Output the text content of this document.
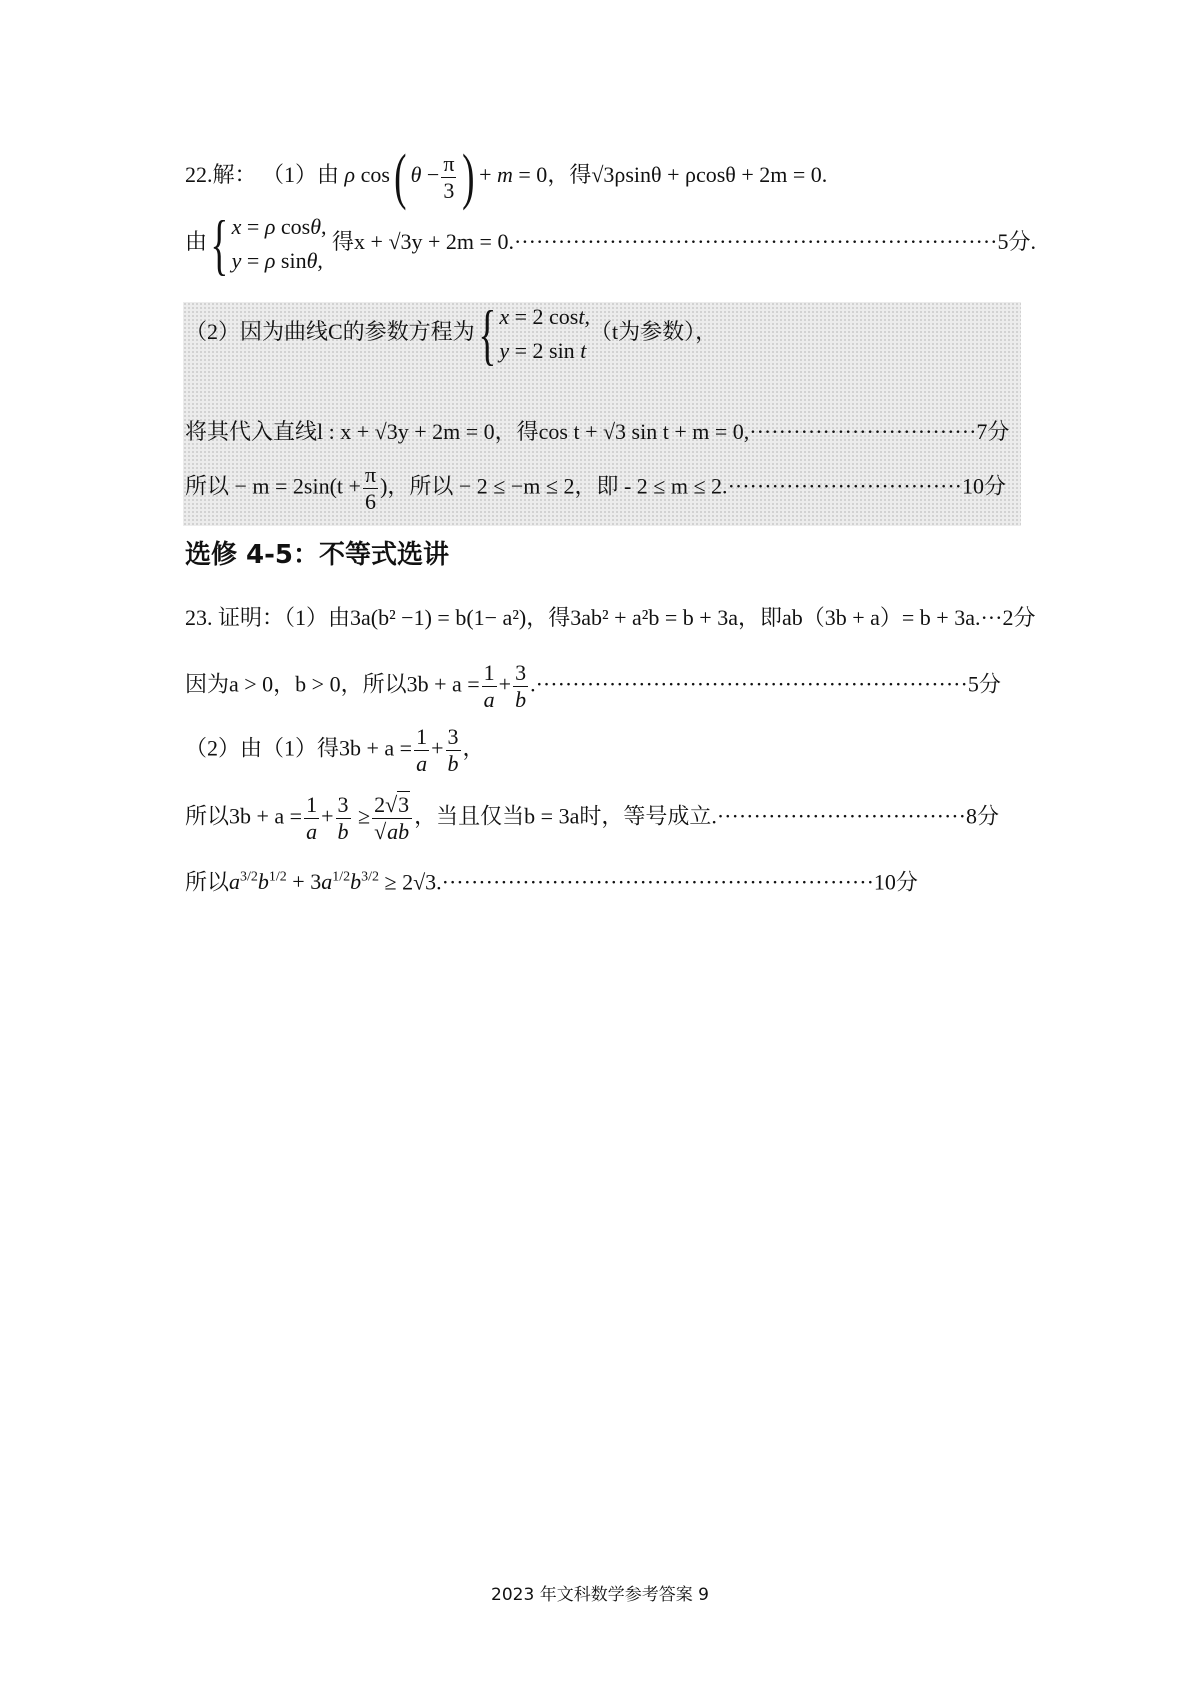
22.解： （1）由 ρ cos( $\theta - \frac{\pi}{3}$ ) + m = 0，得√3ρsinθ + ρcosθ + 2m = 0.
由{ x = ρ cosθ,
y = ρ sinθ,
得x + √3y + 2m = 0.··································································5分.
（2）因为曲线C的参数方程为{ x = 2 cost,
y = 2 sin t
（t为参数），
将其代入直线l : x + √3y + 2m = 0，得cos t + √3 sin t + m = 0,·······························7分
所以 − $m = 2\sin(t + \frac{\pi}{6}$ )，所以 − 2 ≤ −m ≤ 2，即 - 2 ≤ m ≤ 2.································10分
选修 4-5：不等式选讲
23. 证明：（1）由3a(b² −1) = b(1− a²)，得3ab² + a²b = b + 3a，即ab（3b + a）= b + 3a.···2分
因为a > 0，b > 0，所以$3b + a = \frac{1}{a} + \frac{3}{b} .\cdot\cdot\cdot\cdot\cdot\cdot\cdot\cdot\cdot\cdot\cdot\cdot\cdot\cdot\cdot\cdot\cdot\cdot\cdot\cdot\cdot\cdot\cdot\cdot\cdot\cdot\cdot\cdot\cdot\cdot\cdot\cdot\cdot\cdot\cdot\cdot\cdot\cdot\cdot\cdot\cdot\cdot\cdot\cdot\cdot\cdot\cdot\cdot\cdot\cdot\cdot\cdot\cdot\cdot\cdot\cdot\cdot\cdot\cdot 5$分
（2）由（1）得$3b + a = \frac{1}{a} + \frac{3}{b}$ ，
所以$3b + a = \frac{1}{a} + \frac{3}{b} \ge \frac{2√3}{√ab}$ ，当且仅当b = 3a时，等号成立.··································8分
所以$a^{3/2}b^{1/2} + 3a^{1/2}b^{3/2} \ge 2√3.\cdot\cdot\cdot\cdot\cdot\cdot\cdot\cdot\cdot\cdot\cdot\cdot\cdot\cdot\cdot\cdot\cdot\cdot\cdot\cdot\cdot\cdot\cdot\cdot\cdot\cdot\cdot\cdot\cdot\cdot\cdot\cdot\cdot\cdot\cdot\cdot\cdot\cdot\cdot\cdot\cdot\cdot\cdot\cdot\cdot\cdot\cdot\cdot\cdot\cdot\cdot\cdot\cdot\cdot\cdot\cdot\cdot\cdot\cdot 10$分
2023 年文科数学参考答案 9
